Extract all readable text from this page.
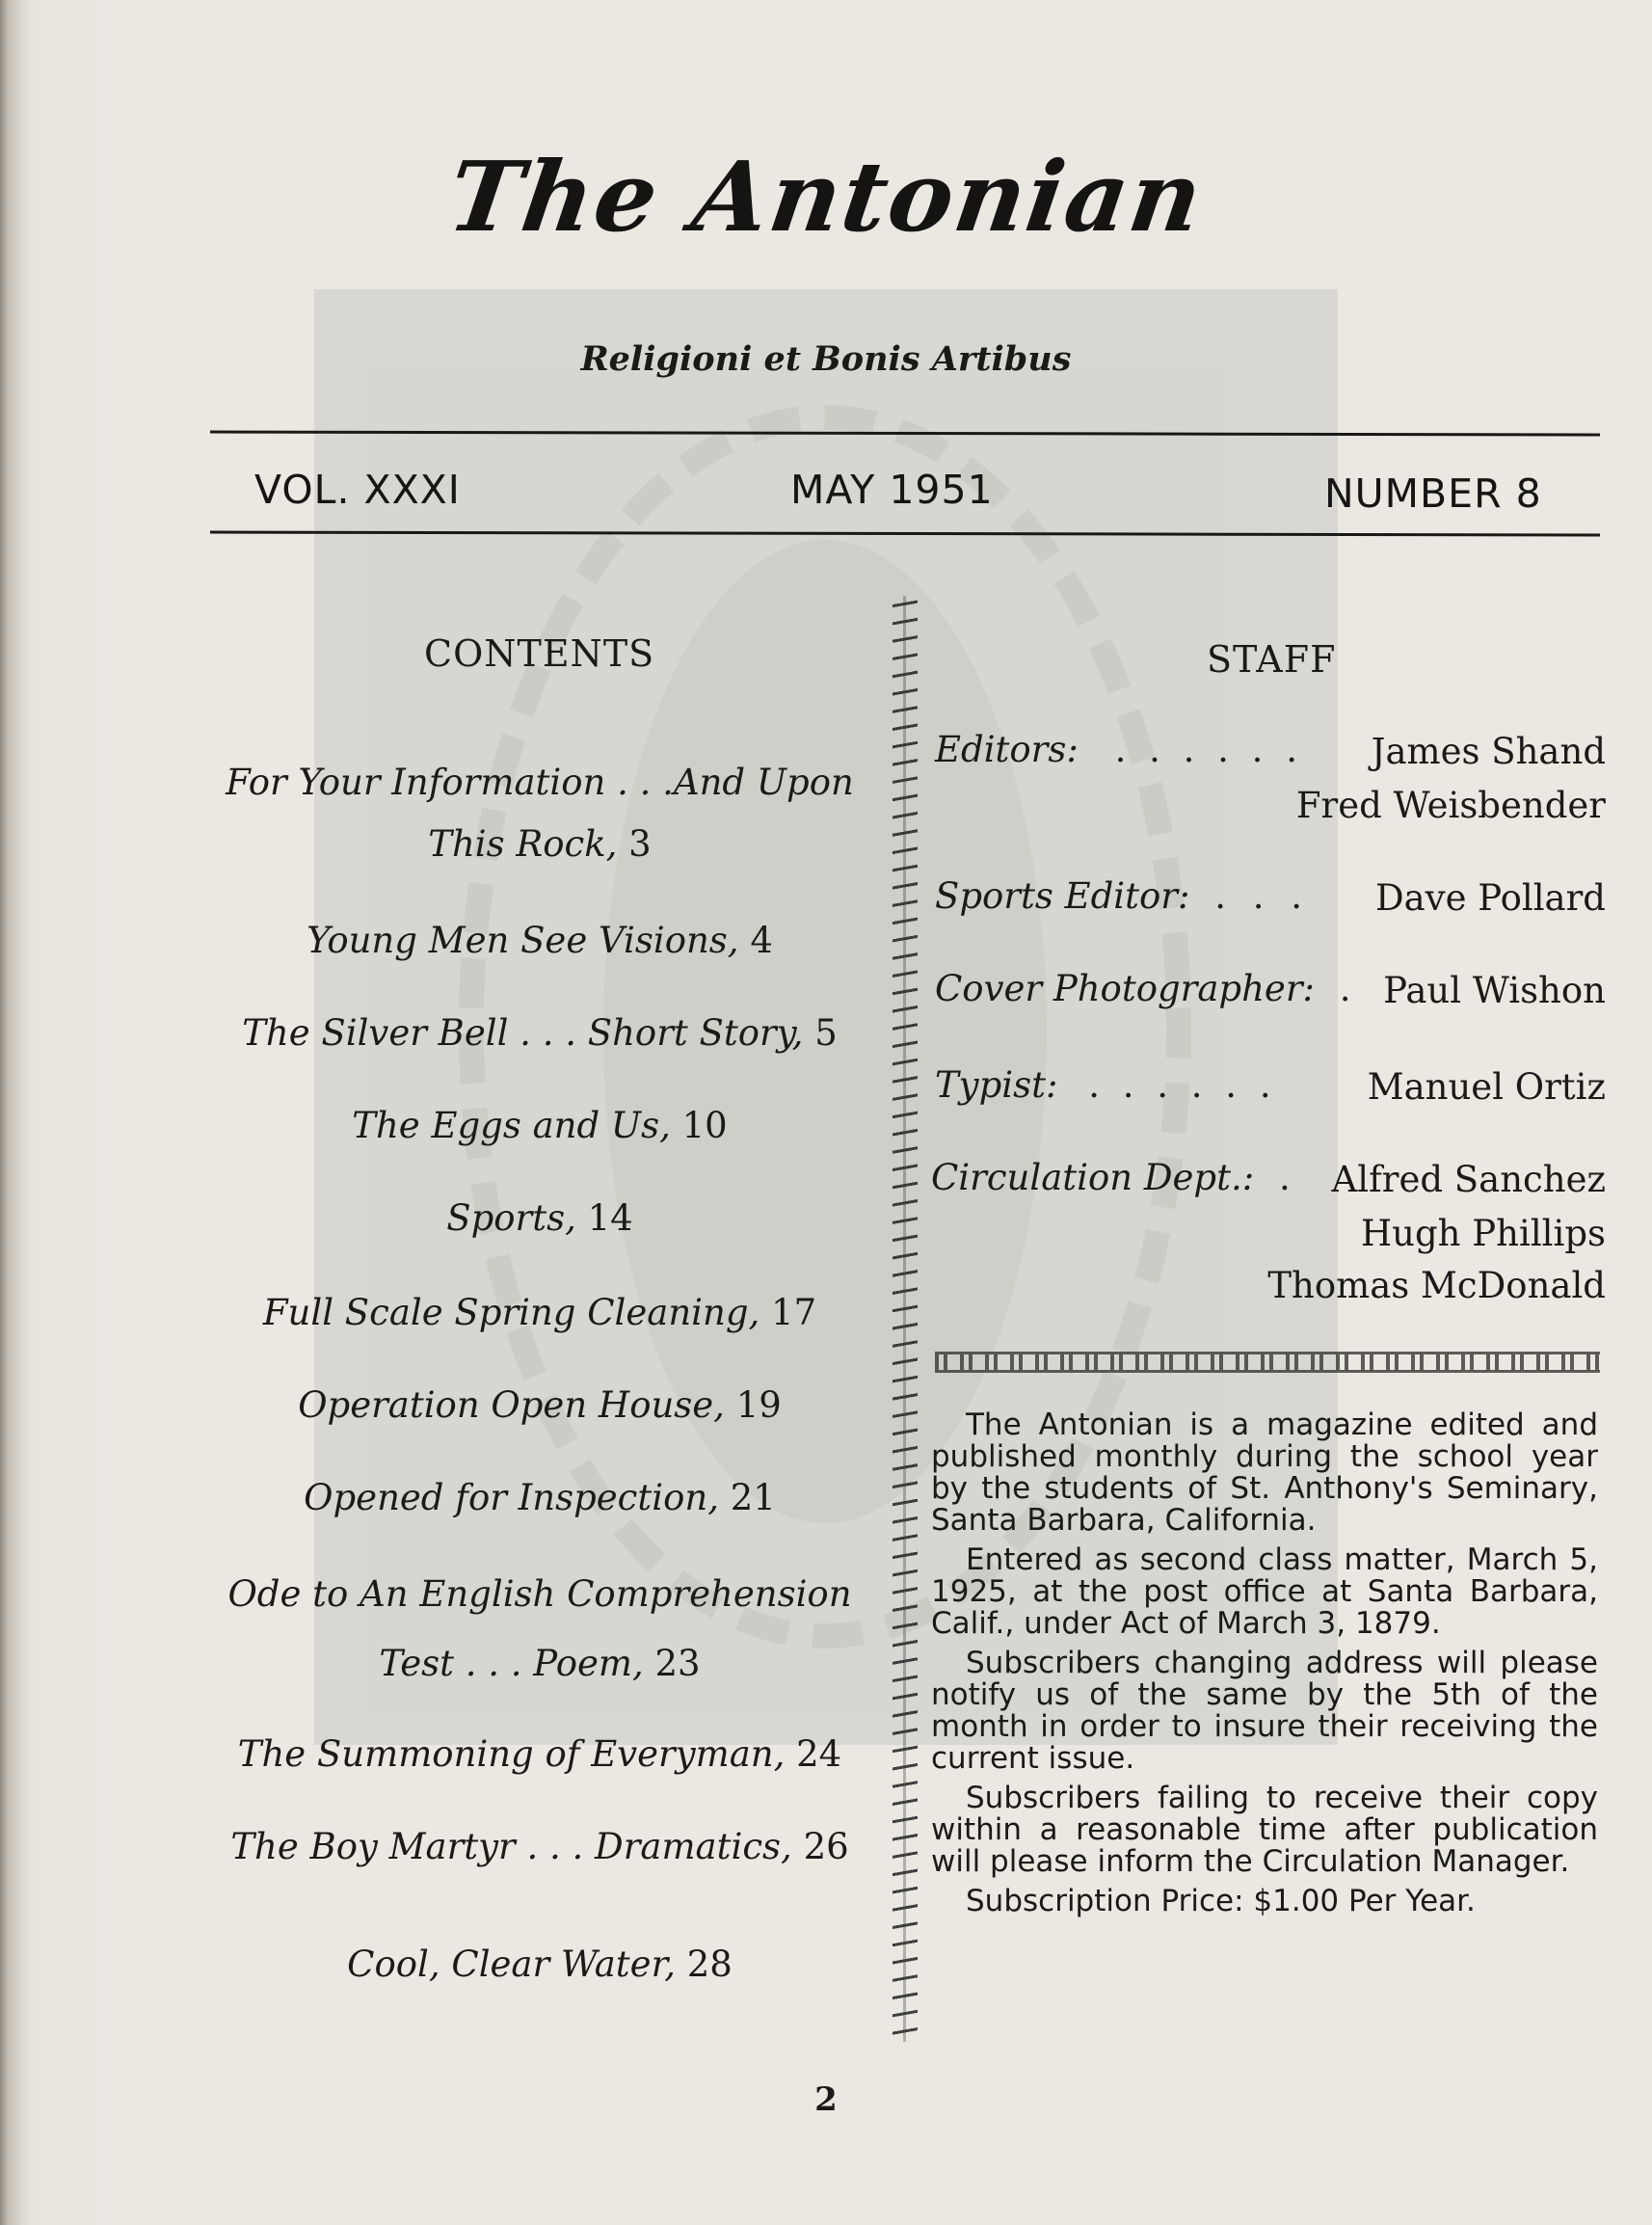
The Antonian
Religioni et Bonis Artibus
VOL. XXXI	MAY 1951	NUMBER 8
CONTENTS
For Your Information . . .And Upon
This Rock, 3
Young Men See Visions, 4
The Silver Bell . . . Short Story, 5
The Eggs and Us, 10
Sports, 14
Full Scale Spring Cleaning, 17
Operation Open House, 19
Opened for Inspection, 21
Ode to An English Comprehension
Test . . . Poem, 23
The Summoning of Everyman, 24
The Boy Martyr . . . Dramatics, 26
Cool, Clear Water, 28
STAFF
Editors: . . . . . .	James Shand
Fred Weisbender
Sports Editor: . . .	Dave Pollard
Cover Photographer: . Paul Wishon
Typist: . . . . . .	Manuel Ortiz
Circulation Dept.: .	Alfred Sanchez
Hugh Phillips
Thomas McDonald

The Antonian is a magazine edited and published monthly during the school year by the students of St. Anthony's Seminary, Santa Barbara, California.

Entered as second class matter, March 5, 1925, at the post office at Santa Barbara, Calif., under Act of March 3, 1879.

Subscribers changing address will please notify us of the same by the 5th of the month in order to insure their receiving the current issue.

Subscribers failing to receive their copy within a reasonable time after publication will please inform the Circulation Manager.

Subscription Price: $1.00 Per Year.

2
